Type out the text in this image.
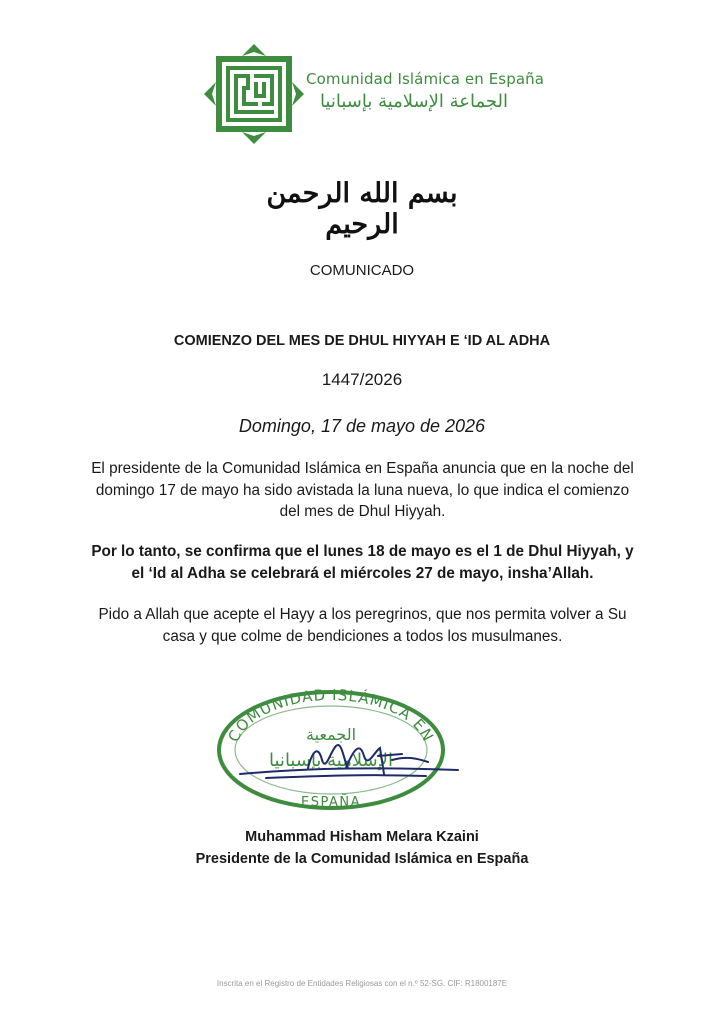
Comunidad Islámica en España
الجماعة الإسلامية بإسبانيا
بسم الله الرحمن الرحيم
COMUNICADO
COMIENZO DEL MES DE DHUL HIYYAH E ‘ID AL ADHA
1447/2026
Domingo, 17 de mayo de 2026
El presidente de la Comunidad Islámica en España anuncia que en la noche del domingo 17 de mayo ha sido avistada la luna nueva, lo que indica el comienzo del mes de Dhul Hiyyah.
Por lo tanto, se confirma que el lunes 18 de mayo es el 1 de Dhul Hiyyah, y el ‘Id al Adha se celebrará el miércoles 27 de mayo, insha’Allah.
Pido a Allah que acepte el Hayy a los peregrinos, que nos permita volver a Su casa y que colme de bendiciones a todos los musulmanes.
COMUNIDAD ISLÁMICA EN
ESPAÑA
الجمعية
الإسلامية بإسبانيا
Muhammad Hisham Melara Kzaini
Presidente de la Comunidad Islámica en España
Inscrita en el Registro de Entidades Religiosas con el n.º 52-SG. CIF: R1800187E
